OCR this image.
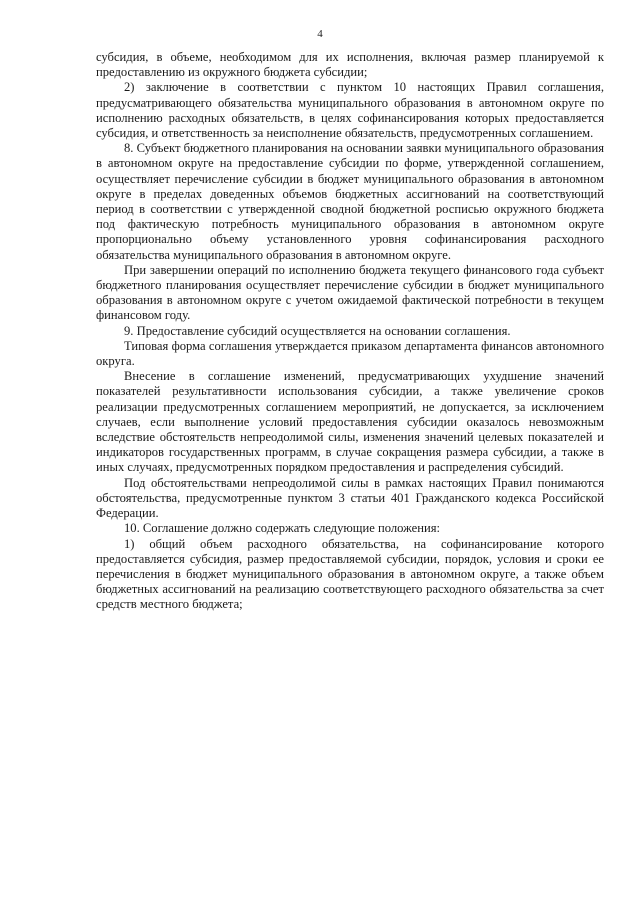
4

субсидия, в объеме, необходимом для их исполнения, включая размер планируемой к предоставлению из окружного бюджета субсидии;

2) заключение в соответствии с пунктом 10 настоящих Правил соглашения, предусматривающего обязательства муниципального образования в автономном округе по исполнению расходных обязательств, в целях софинансирования которых предоставляется субсидия, и ответственность за неисполнение обязательств, предусмотренных соглашением.

8. Субъект бюджетного планирования на основании заявки муниципального образования в автономном округе на предоставление субсидии по форме, утвержденной соглашением, осуществляет перечисление субсидии в бюджет муниципального образования в автономном округе в пределах доведенных объемов бюджетных ассигнований на соответствующий период в соответствии с утвержденной сводной бюджетной росписью окружного бюджета под фактическую потребность муниципального образования в автономном округе пропорционально объему установленного уровня софинансирования расходного обязательства муниципального образования в автономном округе.

При завершении операций по исполнению бюджета текущего финансового года субъект бюджетного планирования осуществляет перечисление субсидии в бюджет муниципального образования в автономном округе с учетом ожидаемой фактической потребности в текущем финансовом году.

9. Предоставление субсидий осуществляется на основании соглашения.

Типовая форма соглашения утверждается приказом департамента финансов автономного округа.

Внесение в соглашение изменений, предусматривающих ухудшение значений показателей результативности использования субсидии, а также увеличение сроков реализации предусмотренных соглашением мероприятий, не допускается, за исключением случаев, если выполнение условий предоставления субсидии оказалось невозможным вследствие обстоятельств непреодолимой силы, изменения значений целевых показателей и индикаторов государственных программ, в случае сокращения размера субсидии, а также в иных случаях, предусмотренных порядком предоставления и распределения субсидий.

Под обстоятельствами непреодолимой силы в рамках настоящих Правил понимаются обстоятельства, предусмотренные пунктом 3 статьи 401 Гражданского кодекса Российской Федерации.

10. Соглашение должно содержать следующие положения:

1) общий объем расходного обязательства, на софинансирование которого предоставляется субсидия, размер предоставляемой субсидии, порядок, условия и сроки ее перечисления в бюджет муниципального образования в автономном округе, а также объем бюджетных ассигнований на реализацию соответствующего расходного обязательства за счет средств местного бюджета;
